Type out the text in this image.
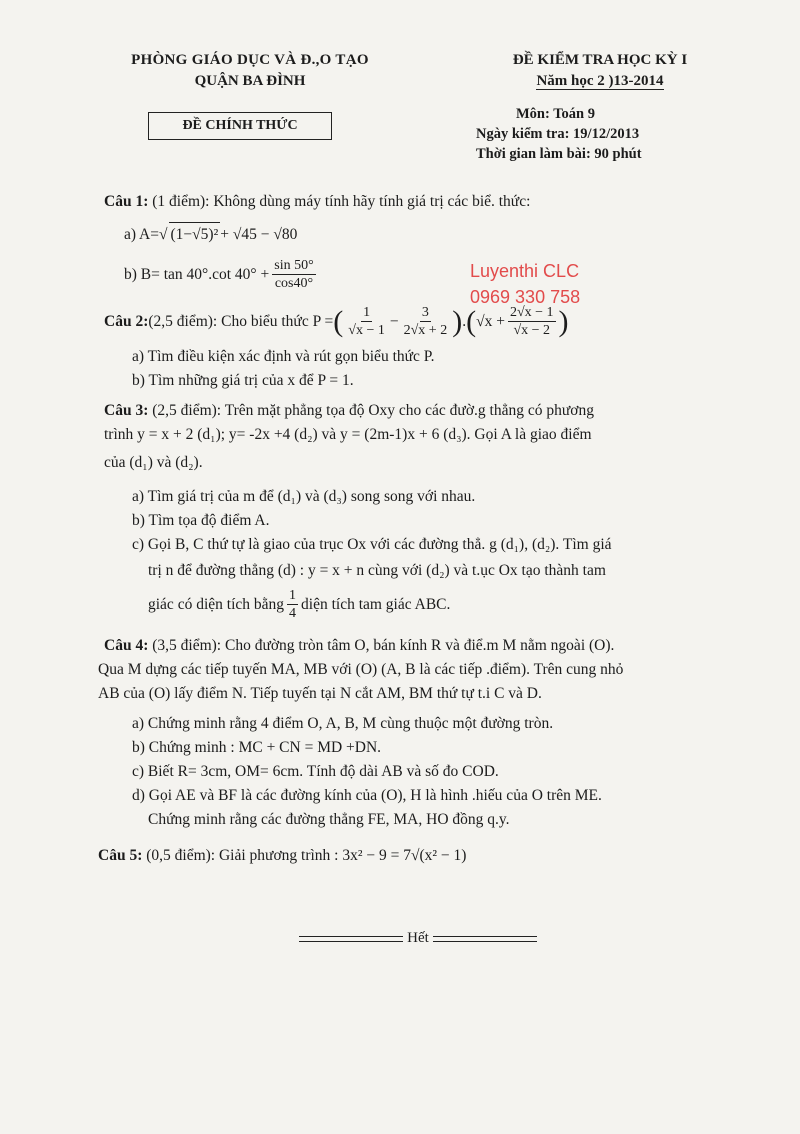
PHÒNG GIÁO DỤC VÀ Đ.,O TẠO
QUẬN BA ĐÌNH
ĐỀ CHÍNH THỨC
ĐỀ KIỂM TRA HỌC KỲ I
Năm học 2 )13-2014
Môn: Toán 9
Ngày kiểm tra: 19/12/2013
Thời gian làm bài: 90 phút
Luyenthi CLC
0969 330 758

Câu 1: (1 điểm): Không dùng máy tính hãy tính giá trị các biể. thức:

a) A= √ (1−√5)² + √45 − √80
b) B= tan 40°.cot $40^\circ + \frac{\sin 50^\circ}{\cos 40^\circ}$
Câu 2: (2,5 điểm): Cho biểu thức P = ( $\frac{1}{√x - 1} - \frac{3}{2√x + 2}$ ) . ( $√x + \frac{2√x - 1}{√x - 2}$ )
a) Tìm điều kiện xác định và rút gọn biểu thức P.
b) Tìm những giá trị của x để P = 1.

Câu 3: (2,5 điểm): Trên mặt phẳng tọa độ Oxy cho các đườ.g thẳng có phương

trình y = x + 2 (d₁); y= -2x +4 (d₂) và y = (2m-1)x + 6 (d₃). Gọi A là giao điểm
của (d₁) và (d₂).
a) Tìm giá trị của m để (d₁) và (d₃) song song với nhau.
b) Tìm tọa độ điểm A.
c) Gọi B, C thứ tự là giao của trục Ox với các đường thẳ. g (d₁), (d₂). Tìm giá
trị n để đường thẳng (d) : y = x + n cùng với (d₂) và t.ục Ox tạo thành tam
giác có diện tích bằng $\frac{1}{4}$ diện tích tam giác ABC.

Câu 4: (3,5 điểm): Cho đường tròn tâm O, bán kính R và điể.m M nằm ngoài (O).

Qua M dựng các tiếp tuyến MA, MB với (O) (A, B là các tiếp .điểm). Trên cung nhỏ
AB của (O) lấy điểm N. Tiếp tuyến tại N cắt AM, BM thứ tự t.i C và D.
a) Chứng minh rằng 4 điểm O, A, B, M cùng thuộc một đường tròn.
b) Chứng minh : MC + CN = MD +DN.
c) Biết R= 3cm, OM= 6cm. Tính độ dài AB và số đo COD.
d) Gọi AE và BF là các đường kính của (O), H là hình .hiếu của O trên ME.
Chứng minh rằng các đường thẳng FE, MA, HO đồng q.y.

Câu 5: (0,5 điểm): Giải phương trình : 3x² − 9 = 7√(x² − 1)

Hết
